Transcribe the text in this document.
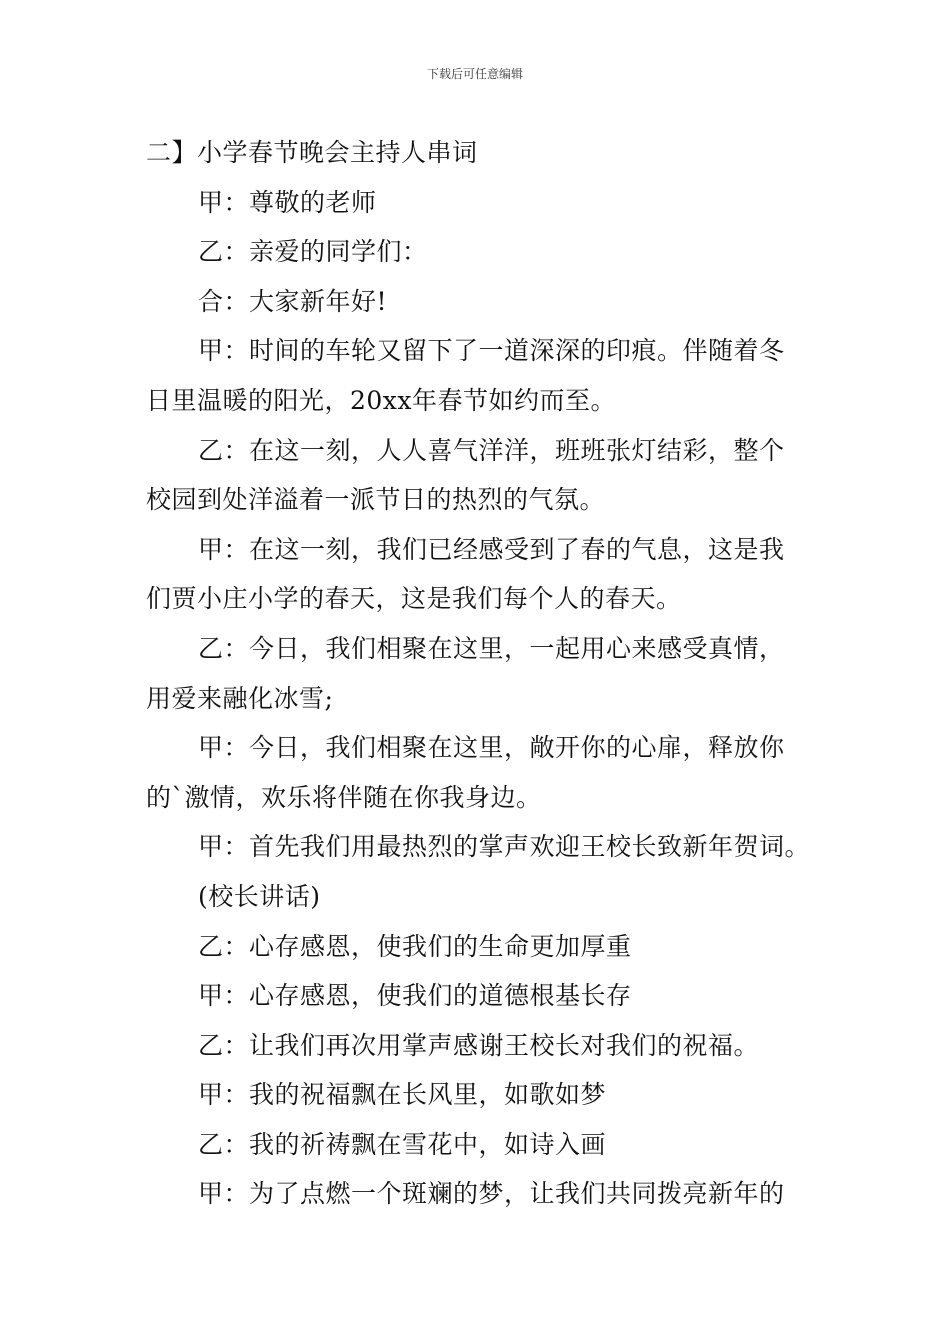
下载后可任意编辑
二】小学春节晚会主持人串词
甲：尊敬的老师
乙：亲爱的同学们：
合：大家新年好!
甲：时间的车轮又留下了一道深深的印痕。伴随着冬
日里温暖的阳光，20xx年春节如约而至。
乙：在这一刻，人人喜气洋洋，班班张灯结彩，整个
校园到处洋溢着一派节日的热烈的气氛。
甲：在这一刻，我们已经感受到了春的气息，这是我
们贾小庄小学的春天，这是我们每个人的春天。
乙：今日，我们相聚在这里，一起用心来感受真情，
用爱来融化冰雪;
甲：今日，我们相聚在这里，敞开你的心扉，释放你
的`激情，欢乐将伴随在你我身边。
甲：首先我们用最热烈的掌声欢迎王校长致新年贺词。
(校长讲话)
乙：心存感恩，使我们的生命更加厚重
甲：心存感恩，使我们的道德根基长存
乙：让我们再次用掌声感谢王校长对我们的祝福。
甲：我的祝福飘在长风里，如歌如梦
乙：我的祈祷飘在雪花中，如诗入画
甲：为了点燃一个斑斓的梦，让我们共同拨亮新年的
